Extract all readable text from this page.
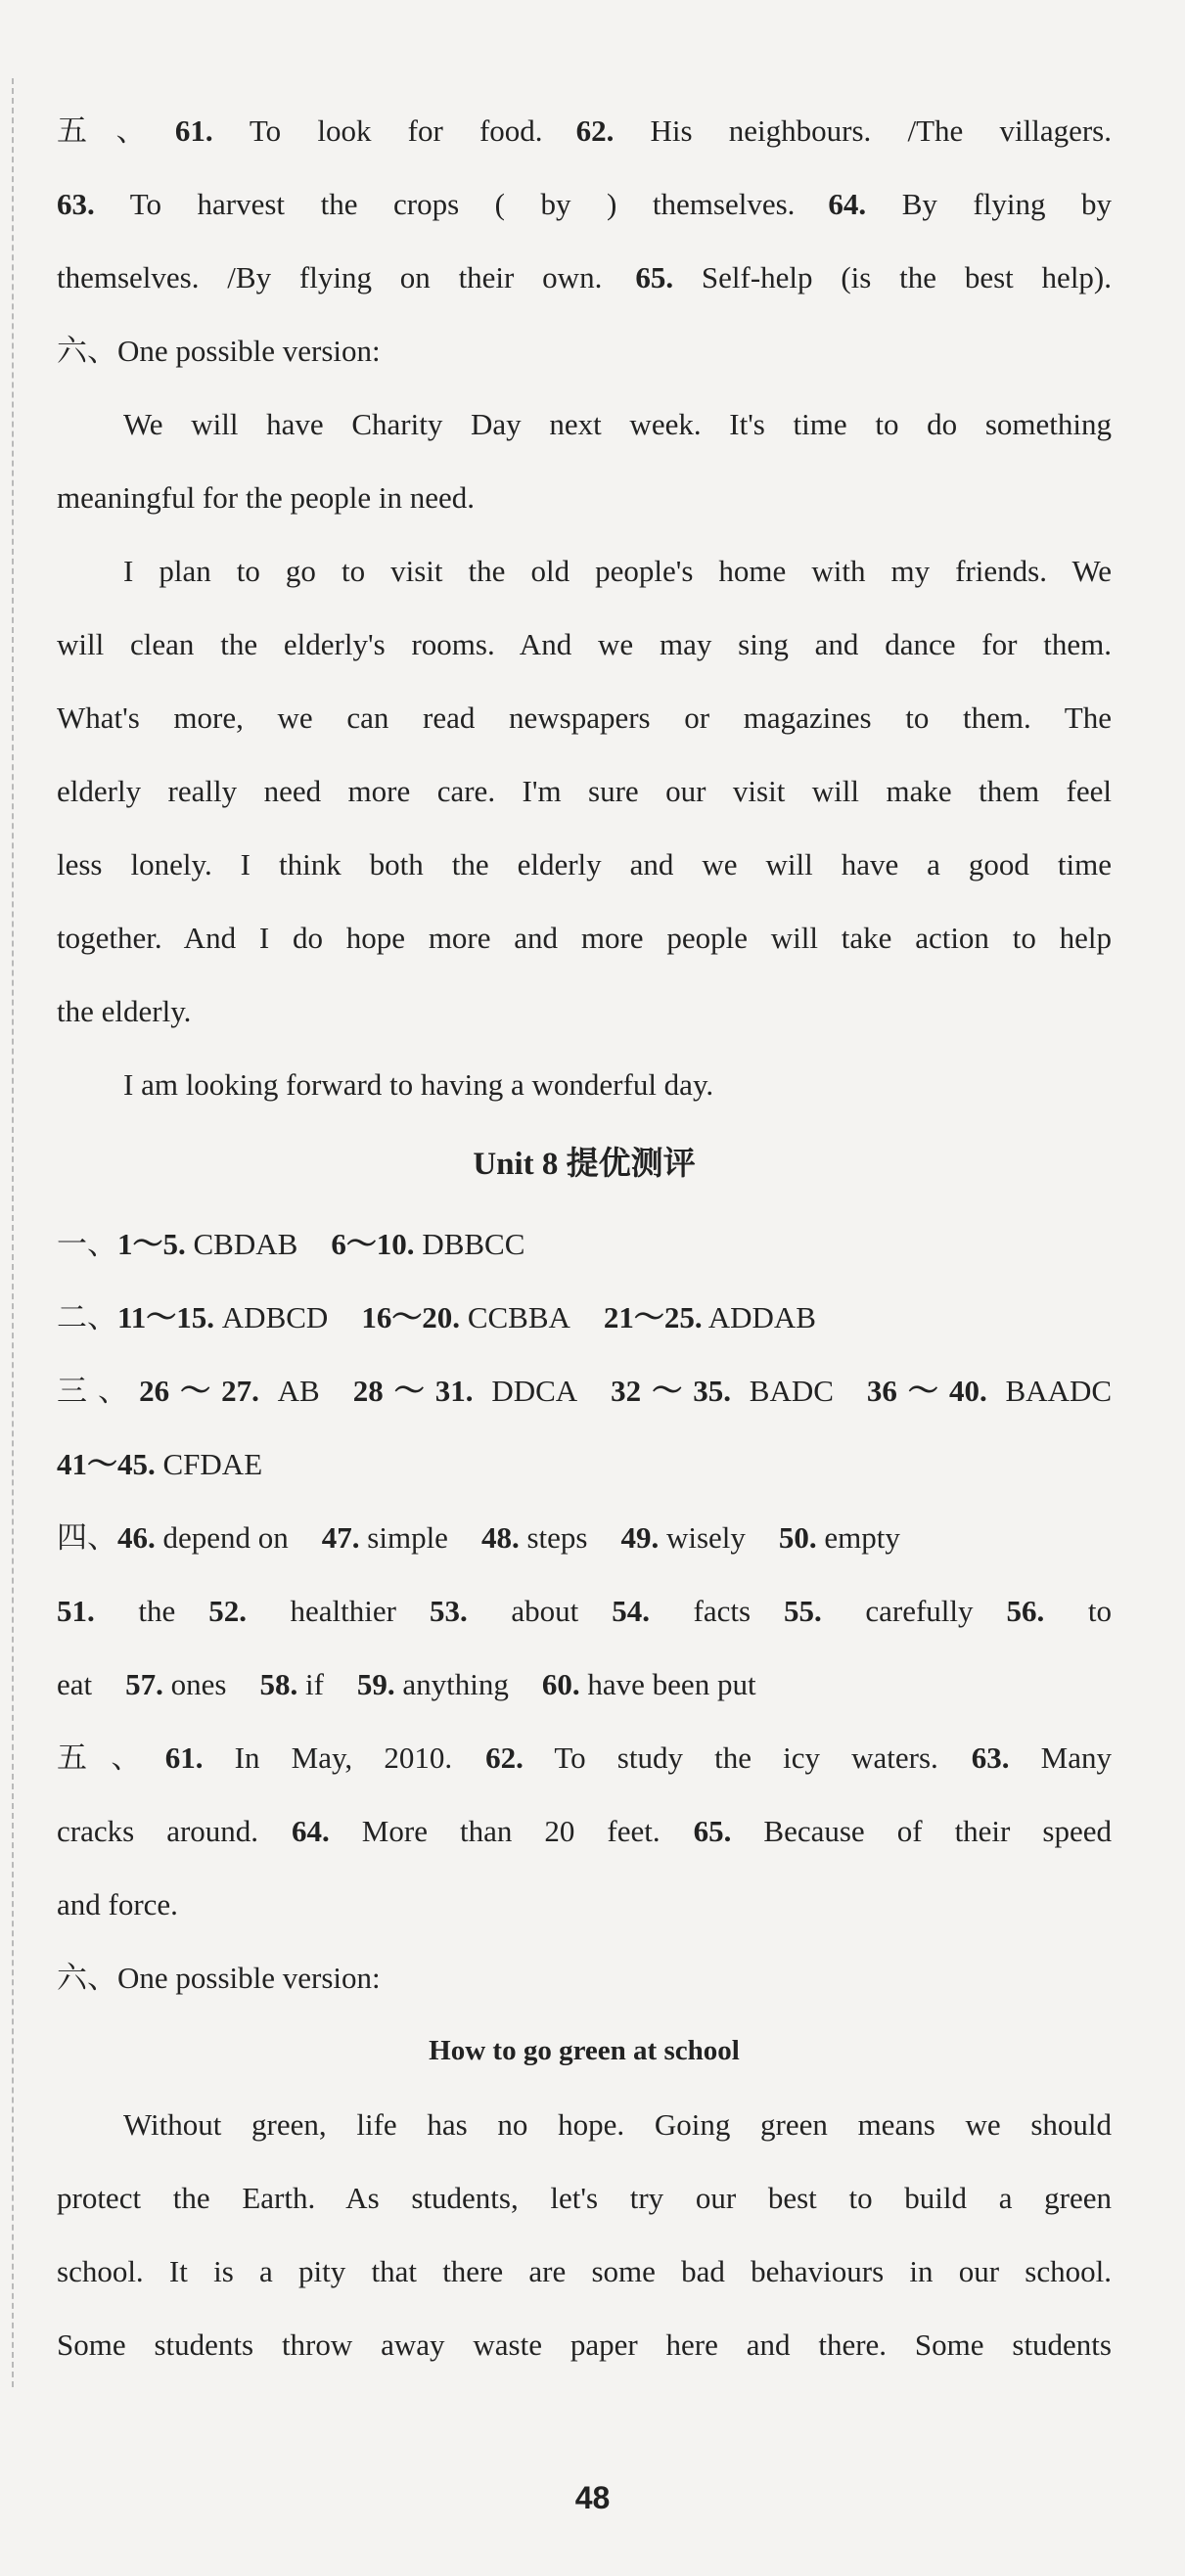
五、61. To look for food. 62. His neighbours. /The villagers.
63. To harvest the crops ( by ) themselves. 64. By flying by
themselves. /By flying on their own. 65. Self-help (is the best help).
六、One possible version:
We will have Charity Day next week. It's time to do something
meaningful for the people in need.
I plan to go to visit the old people's home with my friends. We
will clean the elderly's rooms. And we may sing and dance for them.
What's more, we can read newspapers or magazines to them. The
elderly really need more care. I'm sure our visit will make them feel
less lonely. I think both the elderly and we will have a good time
together. And I do hope more and more people will take action to help
the elderly.
I am looking forward to having a wonderful day.
Unit 8 提优测评
一、1～5. CBDAB 6～10. DBBCC
二、11～15. ADBCD 16～20. CCBBA 21～25. ADDAB
三、26～27. AB 28～31. DDCA 32～35. BADC 36～40. BAADC
41～45. CFDAE
四、46. depend on 47. simple 48. steps 49. wisely 50. empty
51. the 52. healthier 53. about 54. facts 55. carefully 56. to
eat 57. ones 58. if 59. anything 60. have been put
五、61. In May, 2010. 62. To study the icy waters. 63. Many
cracks around. 64. More than 20 feet. 65. Because of their speed
and force.
六、One possible version:
How to go green at school
Without green, life has no hope. Going green means we should
protect the Earth. As students, let's try our best to build a green
school. It is a pity that there are some bad behaviours in our school.
Some students throw away waste paper here and there. Some students
48
